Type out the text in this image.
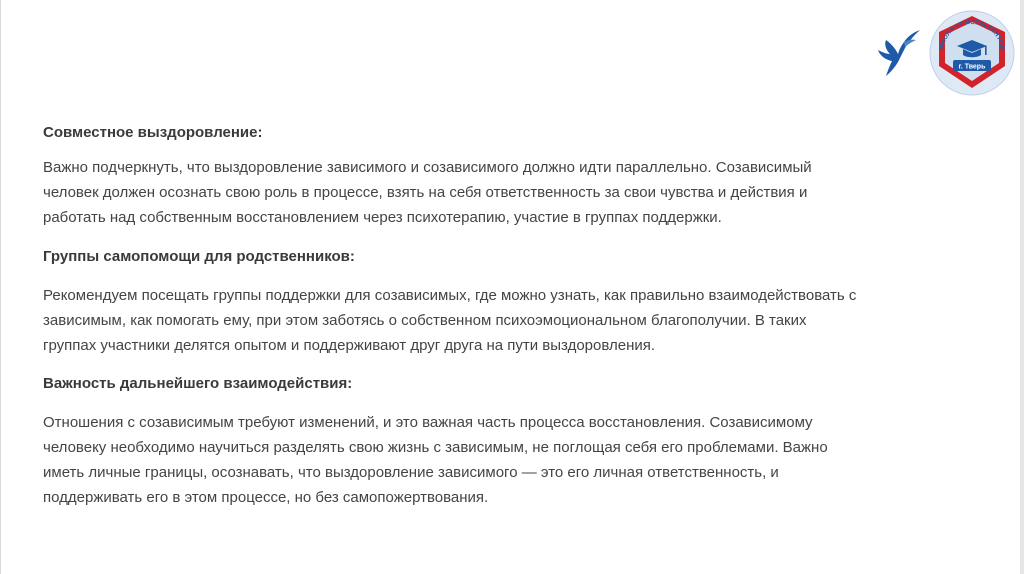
ШКОЛА КОНСУЛЬТАНТОВ
г. Тверь

Совместное выздоровление:

Важно подчеркнуть, что выздоровление зависимого и созависимого должно идти параллельно. Созависимый
человек должен осознать свою роль в процессе, взять на себя ответственность за свои чувства и действия и
работать над собственным восстановлением через психотерапию, участие в группах поддержки.

Группы самопомощи для родственников:

Рекомендуем посещать группы поддержки для созависимых, где можно узнать, как правильно взаимодействовать с
зависимым, как помогать ему, при этом заботясь о собственном психоэмоциональном благополучии. В таких
группах участники делятся опытом и поддерживают друг друга на пути выздоровления.

Важность дальнейшего взаимодействия:

Отношения с созависимым требуют изменений, и это важная часть процесса восстановления. Созависимому
человеку необходимо научиться разделять свою жизнь с зависимым, не поглощая себя его проблемами. Важно
иметь личные границы, осознавать, что выздоровление зависимого — это его личная ответственность, и
поддерживать его в этом процессе, но без самопожертвования.
